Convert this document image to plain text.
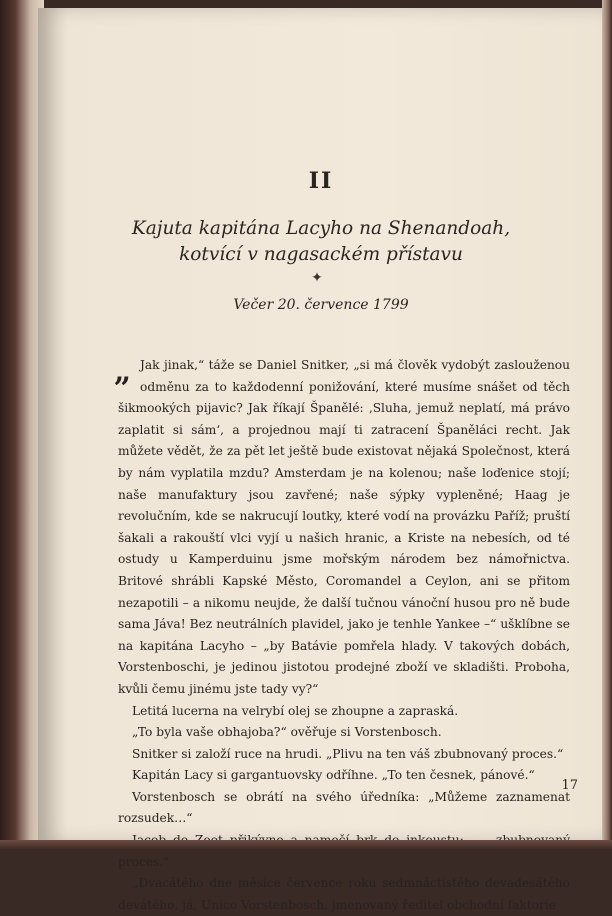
II
Kajuta kapitána Lacyho na Shenandoah,
kotvící v nagasackém přístavu
✦
Večer 20. července 1799

„ Jak jinak,“ táže se Daniel Snitker, „si má člověk vydobýt zaslouženou odměnu za to každodenní ponižování, které musíme snášet od těch šikmookých pijavic? Jak říkají Španělé: ‚Sluha, jemuž neplatí, má právo zaplatit si sám‘, a projednou mají ti zatracení Španěláci recht. Jak můžete vědět, že za pět let ještě bude existovat nějaká Společnost, která by nám vyplatila mzdu? Amsterdam je na kolenou; naše loďenice stojí; naše manufaktury jsou zavřené; naše sýpky vypleněné; Haag je revolučním, kde se nakrucují loutky, které vodí na provázku Paříž; pruští šakali a rakouští vlci vyjí u našich hranic, a Kriste na nebesích, od té ostudy u Kamperduinu jsme mořským národem bez námořnictva. Britové shrábli Kapské Město, Coromandel a Ceylon, ani se přitom nezapotili – a nikomu neujde, že další tučnou vánoční husou pro ně bude sama Jáva! Bez neutrálních plavidel, jako je tenhle Yankee –“ ušklíbne se na kapitána Lacyho – „by Batávie pomřela hlady. V takových dobách, Vorstenboschi, je jedinou jistotou prodejné zboží ve skladišti. Proboha, kvůli čemu jinému jste tady vy?“

Letitá lucerna na velrybí olej se zhoupne a zapraská.

„To byla vaše obhajoba?“ ověřuje si Vorstenbosch.

Snitker si založí ruce na hrudi. „Plivu na ten váš zbubnovaný proces.“

Kapitán Lacy si gargantuovsky odříhne. „To ten česnek, pánové.“

Vorstenbosch se obrátí na svého úředníka: „Můžeme zaznamenat rozsudek…“

proces.“

„Dvacátého dne měsíce července roku sedmnáctistého devadesátého devátého, já, Unico Vorstenbosch, jmenovaný ředitel obchodní faktorie

17
